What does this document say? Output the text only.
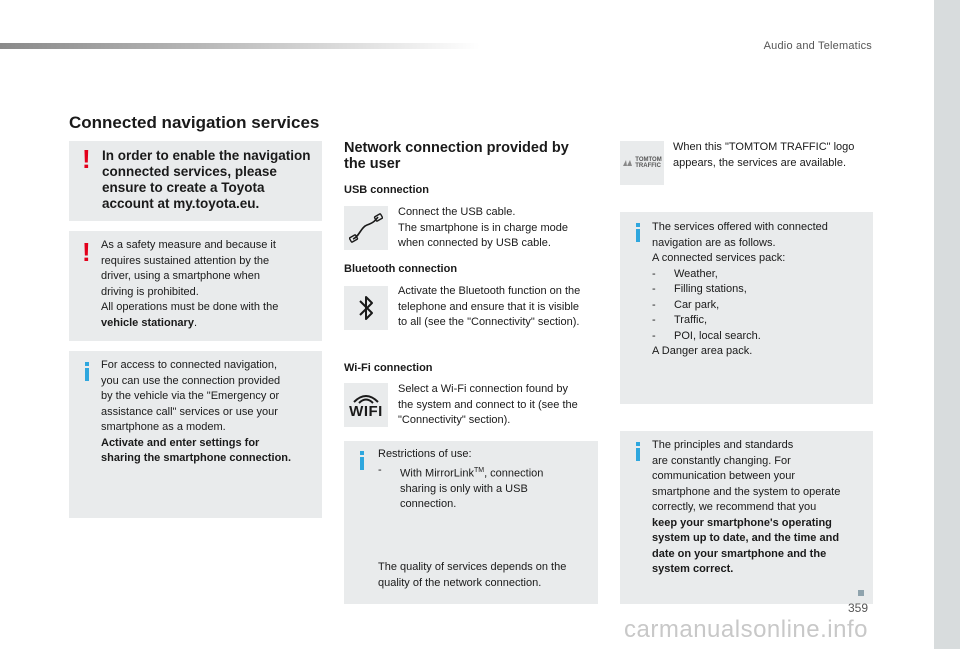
Audio and Telematics
Connected navigation services
! In order to enable the navigation connected services, please ensure to create a Toyota account at my.toyota.eu.
! As a safety measure and because it
requires sustained attention by the
driver, using a smartphone when
driving is prohibited.
All operations must be done with the
vehicle stationary.
For access to connected navigation,
you can use the connection provided
by the vehicle via the "Emergency or
assistance call" services or use your
smartphone as a modem.
Activate and enter settings for
sharing the smartphone connection.
Network connection provided by
the user
USB connection
Connect the USB cable.
The smartphone is in charge mode
when connected by USB cable.
Bluetooth connection
Activate the Bluetooth function on the
telephone and ensure that it is visible
to all (see the "Connectivity" section).
Wi-Fi connection
WIFI
Select a Wi-Fi connection found by
the system and connect to it (see the
"Connectivity" section).
Restrictions of use:
- With MirrorLink™, connection
sharing is only with a USB
connection.
The quality of services depends on the
quality of the network connection.
TOMTOM
TRAFFIC
When this "TOMTOM TRAFFIC" logo
appears, the services are available.
The services offered with connected
navigation are as follows.
A connected services pack:
- Weather,
- Filling stations,
- Car park,
- Traffic,
- POI, local search.
A Danger area pack.
The principles and standards
are constantly changing. For
communication between your
smartphone and the system to operate
correctly, we recommend that you
keep your smartphone's operating
system up to date, and the time and
date on your smartphone and the
system correct.
359
carmanualsonline.info
